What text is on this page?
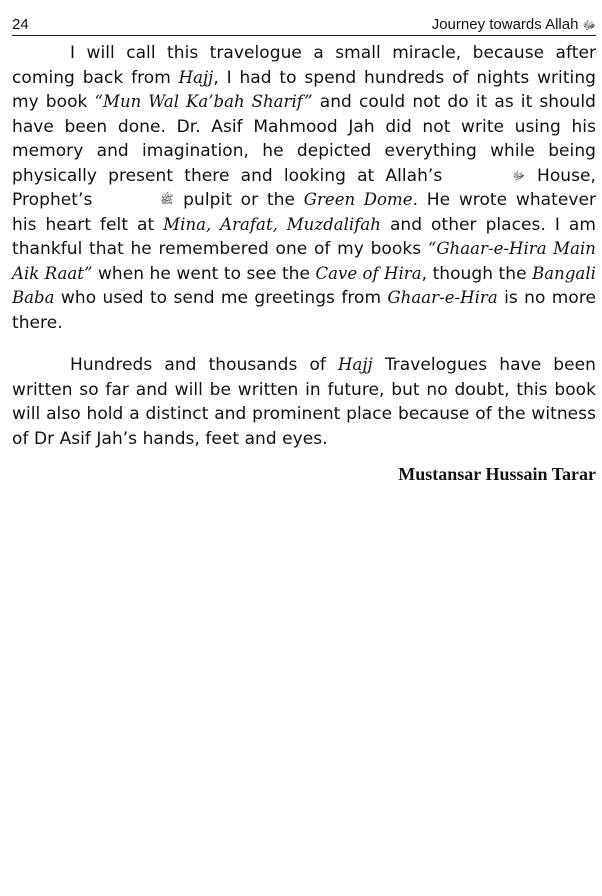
24	Journey towards Allah ﷻ

I will call this travelogue a small miracle, because after coming back from Hajj, I had to spend hundreds of nights writing my book “Mun Wal Ka’bah Sharif” and could not do it as it should have been done. Dr. Asif Mahmood Jah did not write using his memory and imagination, he depicted everything while being physically present there and looking at Allah’s	ﷻ House, Prophet’s	ﷺ pulpit or the Green Dome. He wrote whatever his heart felt at Mina, Arafat, Muzdalifah and other places. I am thankful that he remembered one of my books “Ghaar-e-Hira Main Aik Raat” when he went to see the Cave of Hira, though the Bangali Baba who used to send me greetings from Ghaar-e-Hira is no more there.

Hundreds and thousands of Hajj Travelogues have been written so far and will be written in future, but no doubt, this book will also hold a distinct and prominent place because of the witness of Dr Asif Jah’s hands, feet and eyes.

Mustansar Hussain Tarar
